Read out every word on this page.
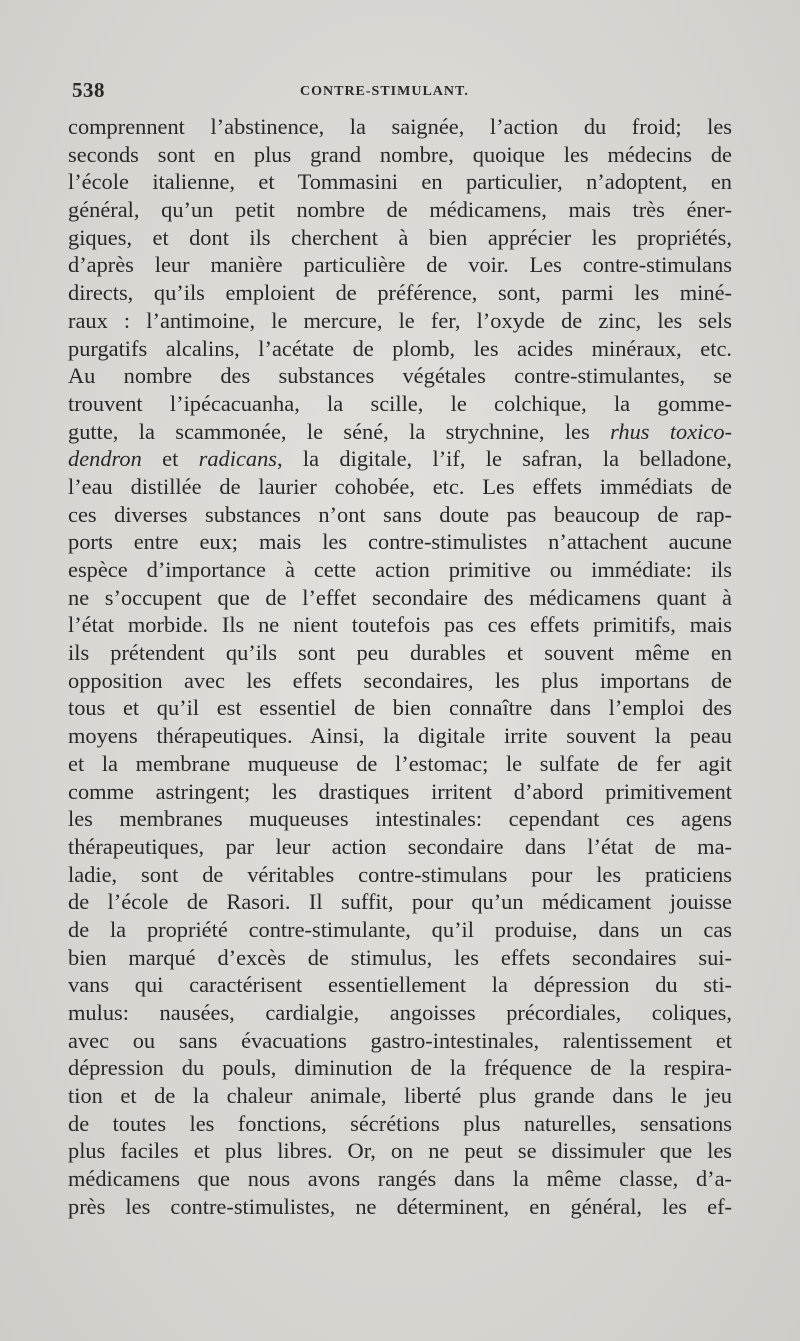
538	CONTRE-STIMULANT.
comprennent l’abstinence, la saignée, l’action du froid; les
seconds sont en plus grand nombre, quoique les médecins de
l’école italienne, et Tommasini en particulier, n’adoptent, en
général, qu’un petit nombre de médicamens, mais très éner-
giques, et dont ils cherchent à bien apprécier les propriétés,
d’après leur manière particulière de voir. Les contre-stimulans
directs, qu’ils emploient de préférence, sont, parmi les miné-
raux : l’antimoine, le mercure, le fer, l’oxyde de zinc, les sels
purgatifs alcalins, l’acétate de plomb, les acides minéraux, etc.
Au nombre des substances végétales contre-stimulantes, se
trouvent l’ipécacuanha, la scille, le colchique, la gomme-
gutte, la scammonée, le séné, la strychnine, les rhus toxico-
dendron et radicans, la digitale, l’if, le safran, la belladone,
l’eau distillée de laurier cohobée, etc. Les effets immédiats de
ces diverses substances n’ont sans doute pas beaucoup de rap-
ports entre eux; mais les contre-stimulistes n’attachent aucune
espèce d’importance à cette action primitive ou immédiate: ils
ne s’occupent que de l’effet secondaire des médicamens quant à
l’état morbide. Ils ne nient toutefois pas ces effets primitifs, mais
ils prétendent qu’ils sont peu durables et souvent même en
opposition avec les effets secondaires, les plus importans de
tous et qu’il est essentiel de bien connaître dans l’emploi des
moyens thérapeutiques. Ainsi, la digitale irrite souvent la peau
et la membrane muqueuse de l’estomac; le sulfate de fer agit
comme astringent; les drastiques irritent d’abord primitivement
les membranes muqueuses intestinales: cependant ces agens
thérapeutiques, par leur action secondaire dans l’état de ma-
ladie, sont de véritables contre-stimulans pour les praticiens
de l’école de Rasori. Il suffit, pour qu’un médicament jouisse
de la propriété contre-stimulante, qu’il produise, dans un cas
bien marqué d’excès de stimulus, les effets secondaires sui-
vans qui caractérisent essentiellement la dépression du sti-
mulus: nausées, cardialgie, angoisses précordiales, coliques,
avec ou sans évacuations gastro-intestinales, ralentissement et
dépression du pouls, diminution de la fréquence de la respira-
tion et de la chaleur animale, liberté plus grande dans le jeu
de toutes les fonctions, sécrétions plus naturelles, sensations
plus faciles et plus libres. Or, on ne peut se dissimuler que les
médicamens que nous avons rangés dans la même classe, d’a-
près les contre-stimulistes, ne déterminent, en général, les ef-
